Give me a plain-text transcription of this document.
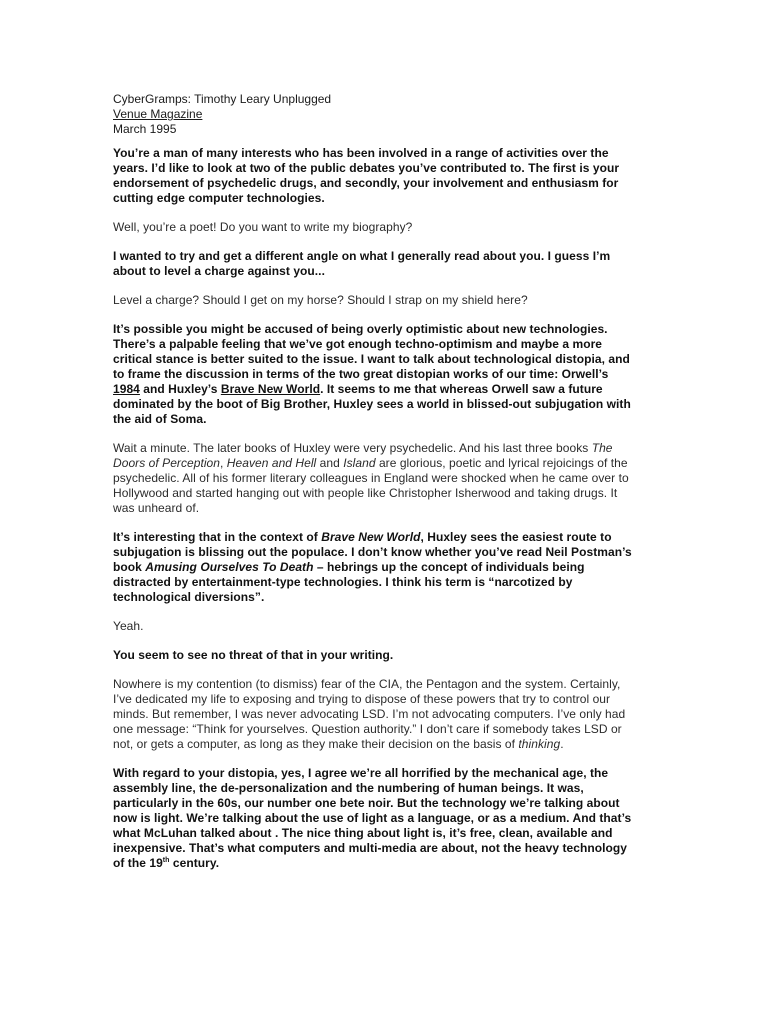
CyberGramps: Timothy Leary Unplugged

Venue Magazine

March 1995

You’re a man of many interests who has been involved in a range of activities over the
years. I’d like to look at two of the public debates you’ve contributed to. The first is your
endorsement of psychedelic drugs, and secondly, your involvement and enthusiasm for
cutting edge computer technologies.

Well, you’re a poet! Do you want to write my biography?

I wanted to try and get a different angle on what I generally read about you. I guess I’m
about to level a charge against you...

Level a charge? Should I get on my horse? Should I strap on my shield here?

It’s possible you might be accused of being overly optimistic about new technologies.
There’s a palpable feeling that we’ve got enough techno-optimism and maybe a more
critical stance is better suited to the issue. I want to talk about technological distopia, and
to frame the discussion in terms of the two great distopian works of our time: Orwell’s
1984 and Huxley’s Brave New World. It seems to me that whereas Orwell saw a future
dominated by the boot of Big Brother, Huxley sees a world in blissed-out subjugation with
the aid of Soma.

Wait a minute. The later books of Huxley were very psychedelic. And his last three books The
Doors of Perception, Heaven and Hell and Island are glorious, poetic and lyrical rejoicings of the
psychedelic. All of his former literary colleagues in England were shocked when he came over to
Hollywood and started hanging out with people like Christopher Isherwood and taking drugs. It
was unheard of.

It’s interesting that in the context of Brave New World, Huxley sees the easiest route to
subjugation is blissing out the populace. I don’t know whether you’ve read Neil Postman’s
book Amusing Ourselves To Death – hebrings up the concept of individuals being
distracted by entertainment-type technologies. I think his term is “narcotized by
technological diversions”.

Yeah.

You seem to see no threat of that in your writing.

Nowhere is my contention (to dismiss) fear of the CIA, the Pentagon and the system. Certainly,
I’ve dedicated my life to exposing and trying to dispose of these powers that try to control our
minds. But remember, I was never advocating LSD. I’m not advocating computers. I’ve only had
one message: “Think for yourselves. Question authority.” I don’t care if somebody takes LSD or
not, or gets a computer, as long as they make their decision on the basis of thinking.

With regard to your distopia, yes, I agree we’re all horrified by the mechanical age, the
assembly line, the de-personalization and the numbering of human beings. It was,
particularly in the 60s, our number one bete noir. But the technology we’re talking about
now is light. We’re talking about the use of light as a language, or as a medium. And that’s
what McLuhan talked about . The nice thing about light is, it’s free, clean, available and
inexpensive. That’s what computers and multi-media are about, not the heavy technology
of the 19th century.
